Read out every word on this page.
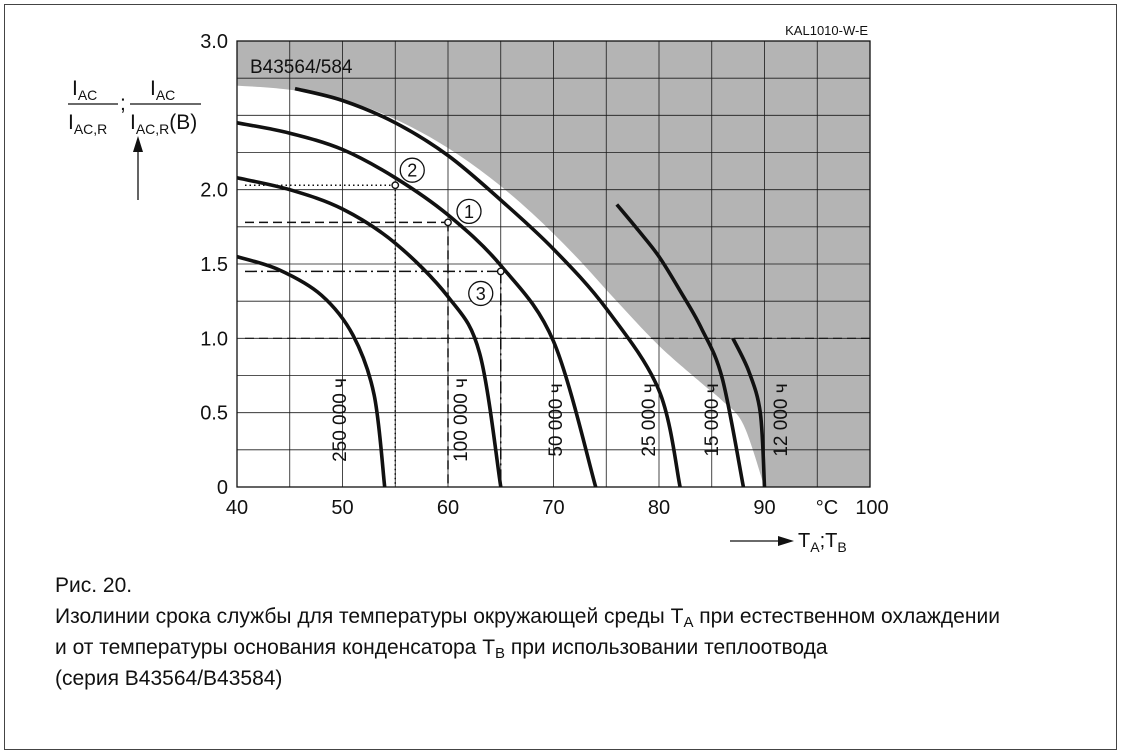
1
2
3
40	50	60	70	80	90	100
0
0.5
1.0
1.5
2.0
3.0
250 000 ч	100 000 ч	50 000 ч	25 000 ч 15 000 ч	12 000 ч
KAL1010-W-E
B43564/584
$I_{AC}$
$I_{AC,R}$
;
$I_{AC}$
$I_{AC,R}(B)$
$T_A;T_B$
°C
Рис. 20.
Изолинии срока службы для температуры окружающей среды $T_A$ при естественном охлаждении
и от температуры основания конденсатора $T_B$ при использовании теплоотвода
(серия B43564/B43584)
